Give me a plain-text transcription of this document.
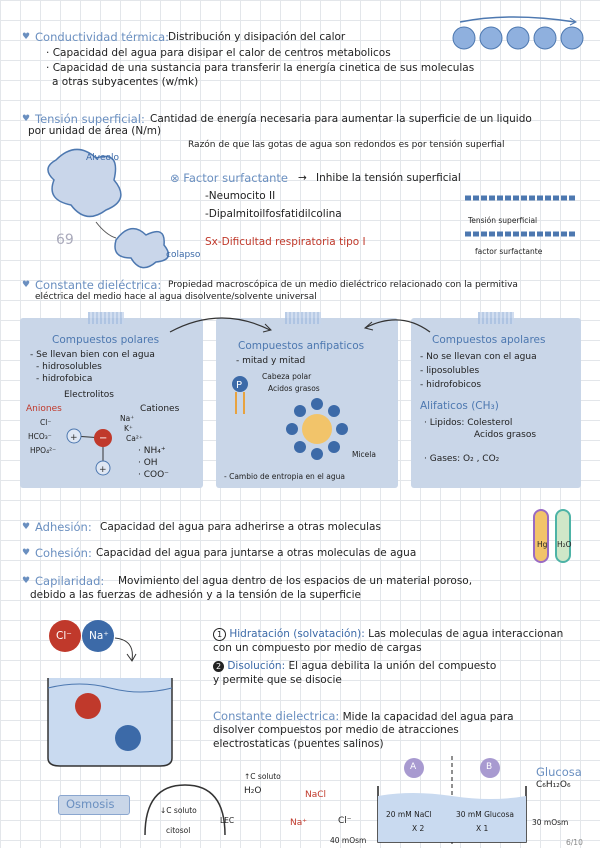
♥ Conductividad térmica:
Distribución y disipación del calor
· Capacidad del agua para disipar el calor de centros metabolicos
· Capacidad de una sustancia para transferir la energía cinetica de sus moleculas
a otras subyacentes (w/mk)
♥ Tensión superficial: Cantidad de energía necesaria para aumentar la superficie de un liquido
por unidad de área (N/m)
Razón de que las gotas de agua son redondos es por tensión superfial
69
Alveolo
colapso
⊗ Factor surfactante → Inhibe la tensión superficial
-Neumocito II
-Dipalmitoilfosfatidilcolina
Sx-Dificultad respiratoria tipo I
Tensión superficial
factor surfactante
♥ Constante dieléctrica: Propiedad macroscópica de un medio dieléctrico relacionado con la permitiva
eléctrica del medio hace al agua disolvente/solvente universal
Compuestos polares
- Se llevan bien con el agua
- hidrosolubles
- hidrofobica
Electrolitos
Aniones	Cationes
Cl⁻
HCO₃⁻
HPO₄²⁻
Na⁺
K⁺
Ca²⁺
+ −
+
· NH₄⁺
· OH
· COO⁻
Compuestos anfipaticos
- mitad y mitad
Cabeza polar
Acidos grasos
P
Micela
- Cambio de entropia en el agua
Compuestos apolares
- No se llevan con el agua
- liposolubles
- hidrofobicos
Alifaticos (CH₃)
· Lipidos: Colesterol
Acidos grasos
· Gases: O₂ , CO₂
♥ Adhesión: Capacidad del agua para adherirse a otras moleculas
♥ Cohesión: Capacidad del agua para juntarse a otras moleculas de agua
Hg H₂O
♥ Capilaridad: Movimiento del agua dentro de los espacios de un material poroso,
debido a las fuerzas de adhesión y a la tensión de la superficie
Cl⁻ Na⁺	1 Hidratación (solvatación): Las moleculas de agua interaccionan
con un compuesto por medio de cargas
2 Disolución: El agua debilita la unión del compuesto
y permite que se disocie
Constante dielectrica: Mide la capacidad del agua para
disolver compuestos por medio de atracciones
electrostaticas (puentes salinos)
Osmosis
↑C soluto
H₂O
↓C soluto
citosol
LEC
NaCl
Na⁺	Cl⁻
A	B	Glucosa
C₆H₁₂O₆
20 mM NaCl	30 mM Glucosa
X 2	X 1
40 mOsm
30 mOsm
6/10
